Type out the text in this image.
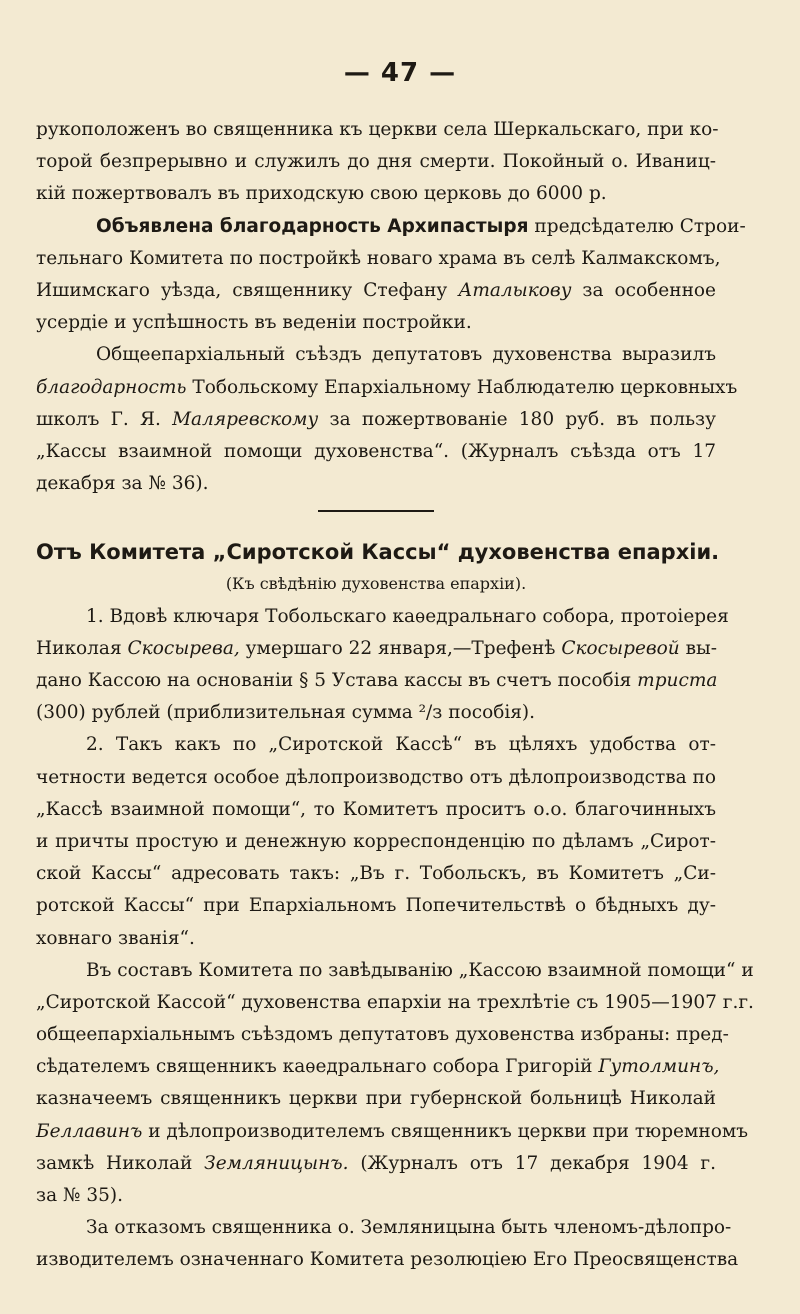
— 47 —
рукоположенъ во священника къ церкви села Шеркальскаго, при ко-
торой безпрерывно и служилъ до дня смерти. Покойный о. Иваниц-
кій пожертвовалъ въ приходскую свою церковь до 6000 р.
Объявлена благодарность Архипастыря предсѣдателю Строи-
тельнаго Комитета по постройкѣ новаго храма въ селѣ Калмакскомъ,
Ишимскаго уѣзда, священнику Стефану Аталыкову за особенное
усердіе и успѣшность въ веденіи постройки.
Общеепархіальный съѣздъ депутатовъ духовенства выразилъ
благодарность Тобольскому Епархіальному Наблюдателю церковныхъ
школъ Г. Я. Маляревскому за пожертвованіе 180 руб. въ пользу
„Кассы взаимной помощи духовенства“. (Журналъ съѣзда отъ 17
декабря за № 36).
Отъ Комитета „Сиротской Кассы“ духовенства епархіи.
(Къ свѣдѣнію духовенства епархіи).
1. Вдовѣ ключаря Тобольскаго каѳедральнаго собора, протоіерея
Николая Скосырева, умершаго 22 января,—Трефенѣ Скосыревой вы-
дано Кассою на основаніи § 5 Устава кассы въ счетъ пособія триста
(300) рублей (приблизительная сумма ²/з пособія).
2. Такъ какъ по „Сиротской Кассѣ“ въ цѣляхъ удобства от-
четности ведется особое дѣлопроизводство отъ дѣлопроизводства по
„Кассѣ взаимной помощи“, то Комитетъ проситъ о.о. благочинныхъ
и причты простую и денежную корреспонденцію по дѣламъ „Сирот-
ской Кассы“ адресовать такъ: „Въ г. Тобольскъ, въ Комитетъ „Си-
ротской Кассы“ при Епархіальномъ Попечительствѣ о бѣдныхъ ду-
ховнаго званія“.
Въ составъ Комитета по завѣдыванію „Кассою взаимной помощи“ и
„Сиротской Кассой“ духовенства епархіи на трехлѣтіе съ 1905—1907 г.г.
общеепархіальнымъ съѣздомъ депутатовъ духовенства избраны: пред-
сѣдателемъ священникъ каѳедральнаго собора Григорій Гутолминъ,
казначеемъ священникъ церкви при губернской больницѣ Николай
Беллавинъ и дѣлопроизводителемъ священникъ церкви при тюремномъ
замкѣ Николай Земляницынъ. (Журналъ отъ 17 декабря 1904 г.
за № 35).
За отказомъ священника о. Земляницына быть членомъ-дѣлопро-
изводителемъ означеннаго Комитета резолюціею Его Преосвященства
